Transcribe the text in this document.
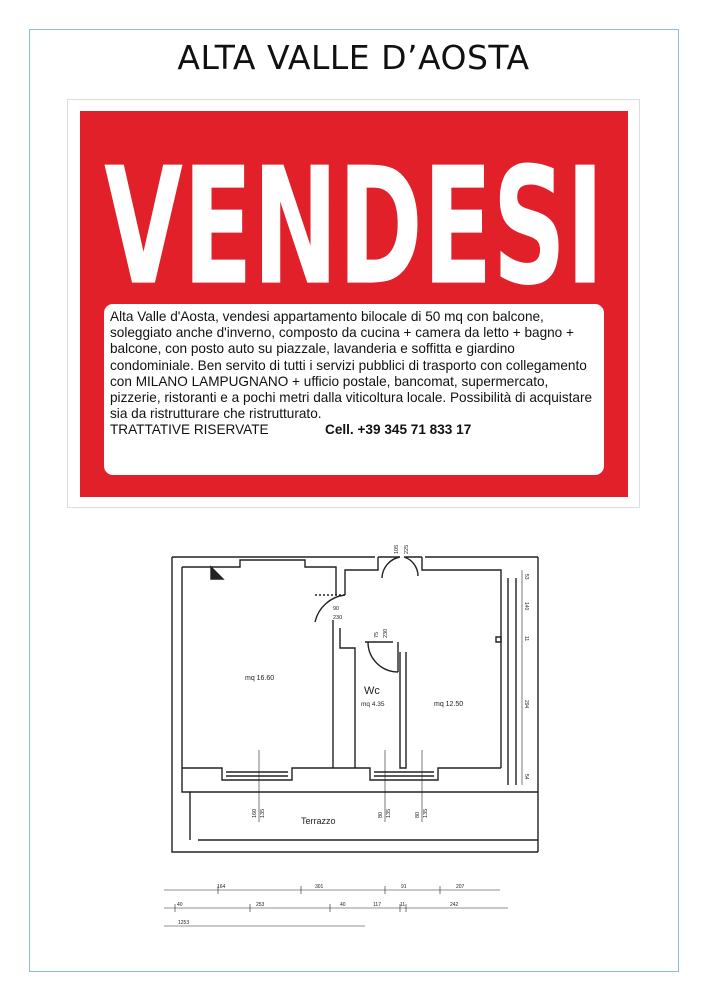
ALTA VALLE D’AOSTA
VENDESI
Alta Valle d'Aosta, vendesi appartamento bilocale di 50 mq con balcone, soleggiato anche d'inverno, composto da cucina + camera da letto + bagno + balcone, con posto auto su piazzale, lavanderia e soffitta e giardino condominiale. Ben servito di tutti i servizi pubblici di trasporto con collegamento con MILANO LAMPUGNANO + ufficio postale, bancomat, supermercato, pizzerie, ristoranti e a pochi metri dalla viticoltura locale. Possibilità di acquistare sia da ristrutturare che ristrutturato.
TRATTATIVE RISERVATE	Cell. +39 345 71 833 17
mq 16.60
Wc
mq 4.35	mq 12.50
Terrazzo
105 225
90
230
75 230
53
140
11
294
54
160 135	80 135	80 135
164	301	91	207
40	253	40	117	11	242
1253
